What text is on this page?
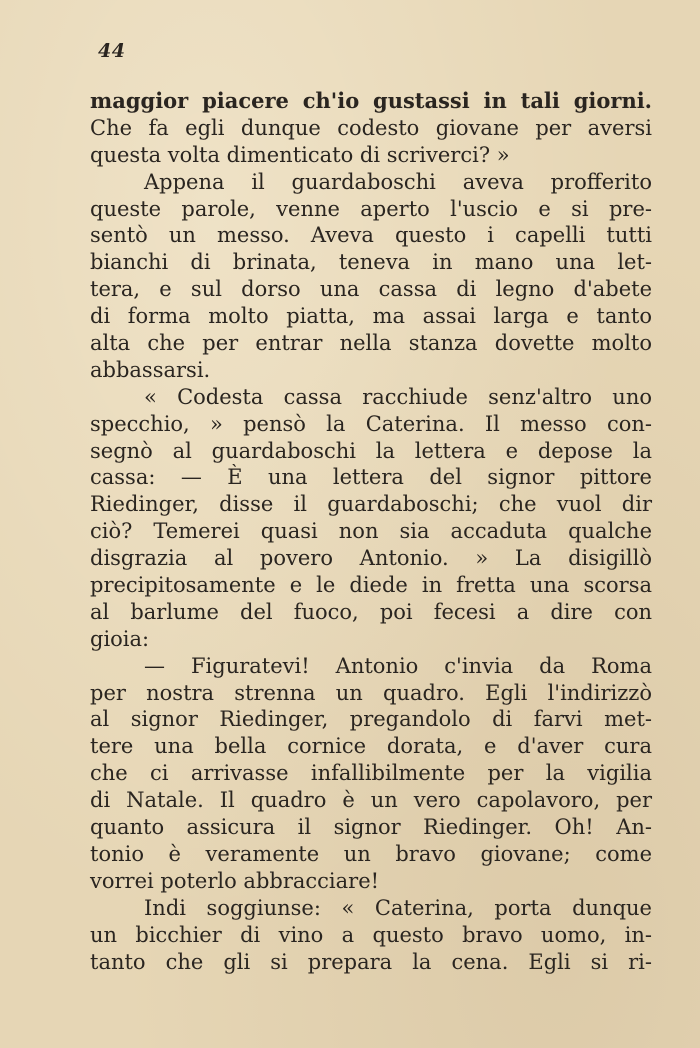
44
maggior piacere ch'io gustassi in tali giorni.
Che fa egli dunque codesto giovane per aversi
questa volta dimenticato di scriverci? »
Appena il guardaboschi aveva profferito
queste parole, venne aperto l'uscio e si pre-
sentò un messo. Aveva questo i capelli tutti
bianchi di brinata, teneva in mano una let-
tera, e sul dorso una cassa di legno d'abete
di forma molto piatta, ma assai larga e tanto
alta che per entrar nella stanza dovette molto
abbassarsi.
« Codesta cassa racchiude senz'altro uno
specchio, » pensò la Caterina. Il messo con-
segnò al guardaboschi la lettera e depose la
cassa: — È una lettera del signor pittore
Riedinger, disse il guardaboschi; che vuol dir
ciò? Temerei quasi non sia accaduta qualche
disgrazia al povero Antonio. » La disigillò
precipitosamente e le diede in fretta una scorsa
al barlume del fuoco, poi fecesi a dire con
gioia:
— Figuratevi! Antonio c'invia da Roma
per nostra strenna un quadro. Egli l'indirizzò
al signor Riedinger, pregandolo di farvi met-
tere una bella cornice dorata, e d'aver cura
che ci arrivasse infallibilmente per la vigilia
di Natale. Il quadro è un vero capolavoro, per
quanto assicura il signor Riedinger. Oh! An-
tonio è veramente un bravo giovane; come
vorrei poterlo abbracciare!
Indi soggiunse: « Caterina, porta dunque
un bicchier di vino a questo bravo uomo, in-
tanto che gli si prepara la cena. Egli si ri-
